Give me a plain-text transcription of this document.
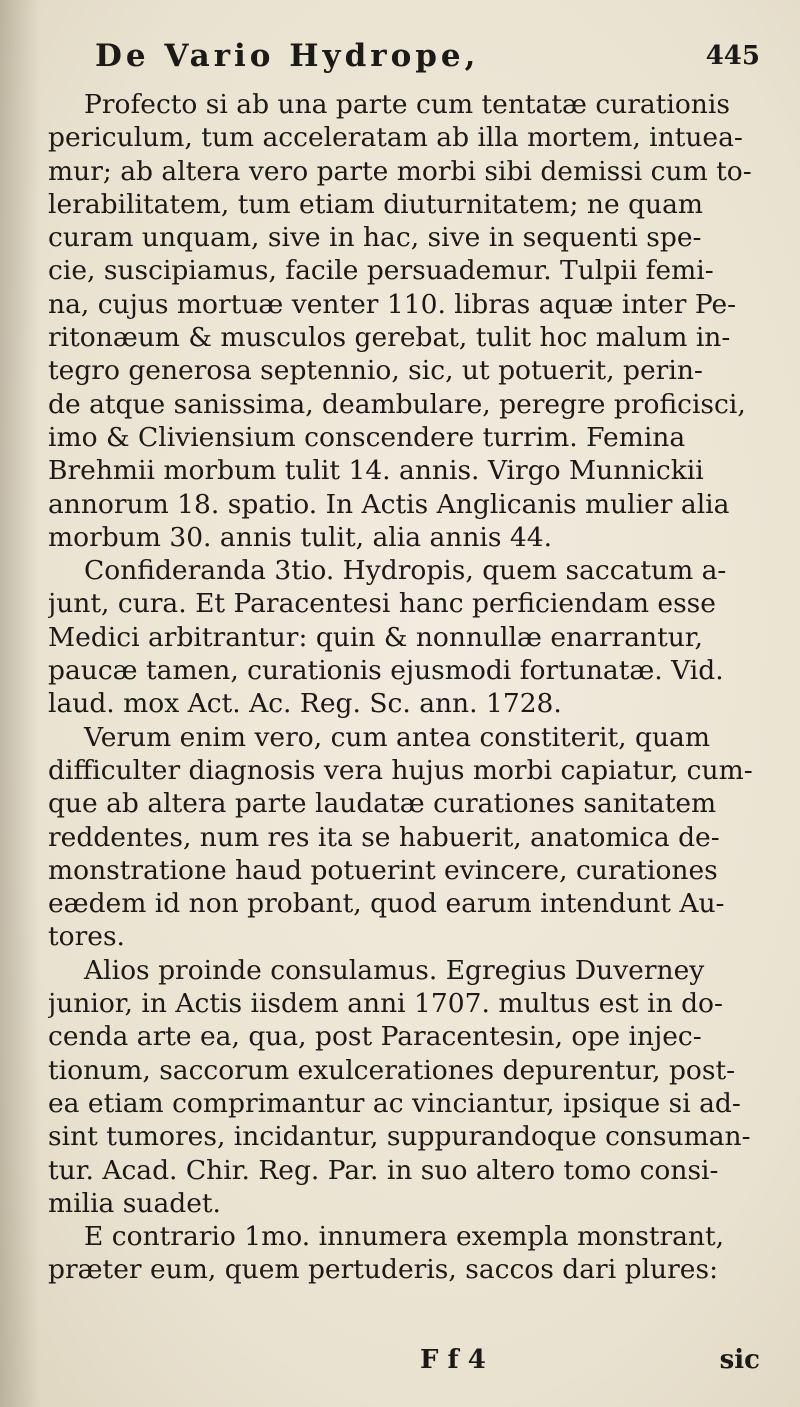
De Vario Hydrope,	445
Profecto si ab una parte cum tentatæ curationis
periculum, tum acceleratam ab illa mortem, intuea-
mur; ab altera vero parte morbi sibi demissi cum to-
lerabilitatem, tum etiam diuturnitatem; ne quam
curam unquam, sive in hac, sive in sequenti spe-
cie, suscipiamus, facile persuademur. Tulpii femi-
na, cujus mortuæ venter 110. libras aquæ inter Pe-
ritonæum & musculos gerebat, tulit hoc malum in-
tegro generosa septennio, sic, ut potuerit, perin-
de atque sanissima, deambulare, peregre proficisci,
imo & Cliviensium conscendere turrim. Femina
Brehmii morbum tulit 14. annis. Virgo Munnickii
annorum 18. spatio. In Actis Anglicanis mulier alia
morbum 30. annis tulit, alia annis 44.
Confideranda 3tio. Hydropis, quem saccatum a-
junt, cura. Et Paracentesi hanc perficiendam esse
Medici arbitrantur: quin & nonnullæ enarrantur,
paucæ tamen, curationis ejusmodi fortunatæ. Vid.
laud. mox Act. Ac. Reg. Sc. ann. 1728.
Verum enim vero, cum antea constiterit, quam
difficulter diagnosis vera hujus morbi capiatur, cum-
que ab altera parte laudatæ curationes sanitatem
reddentes, num res ita se habuerit, anatomica de-
monstratione haud potuerint evincere, curationes
eædem id non probant, quod earum intendunt Au-
tores.
Alios proinde consulamus. Egregius Duverney
junior, in Actis iisdem anni 1707. multus est in do-
cenda arte ea, qua, post Paracentesin, ope injec-
tionum, saccorum exulcerationes depurentur, post-
ea etiam comprimantur ac vinciantur, ipsique si ad-
sint tumores, incidantur, suppurandoque consuman-
tur. Acad. Chir. Reg. Par. in suo altero tomo consi-
milia suadet.
E contrario 1mo. innumera exempla monstrant,
præter eum, quem pertuderis, saccos dari plures:
F f 4	sic
